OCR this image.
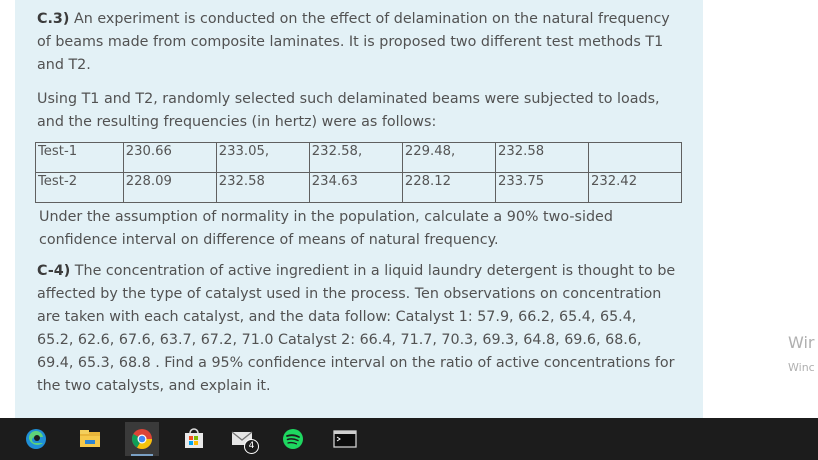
C.3) An experiment is conducted on the effect of delamination on the natural frequency of beams made from composite laminates. It is proposed two different test methods T1 and T2.
Using T1 and T2, randomly selected such delaminated beams were subjected to loads, and the resulting frequencies (in hertz) were as follows:
Test-1	230.66	233.05,	232.58,	229.48,	232.58	
Test-2	228.09	232.58	234.63	228.12	233.75	232.42
Under the assumption of normality in the population, calculate a 90% two-sided confidence interval on difference of means of natural frequency.
C-4) The concentration of active ingredient in a liquid laundry detergent is thought to be affected by the type of catalyst used in the process. Ten observations on concentration are taken with each catalyst, and the data follow: Catalyst 1: 57.9, 66.2, 65.4, 65.4, 65.2, 62.6, 67.6, 63.7, 67.2, 71.0 Catalyst 2: 66.4, 71.7, 70.3, 69.3, 64.8, 69.6, 68.6, 69.4, 65.3, 68.8 . Find a 95% confidence interval on the ratio of active concentrations for the two catalysts, and explain it.
Wir
Winc
4
